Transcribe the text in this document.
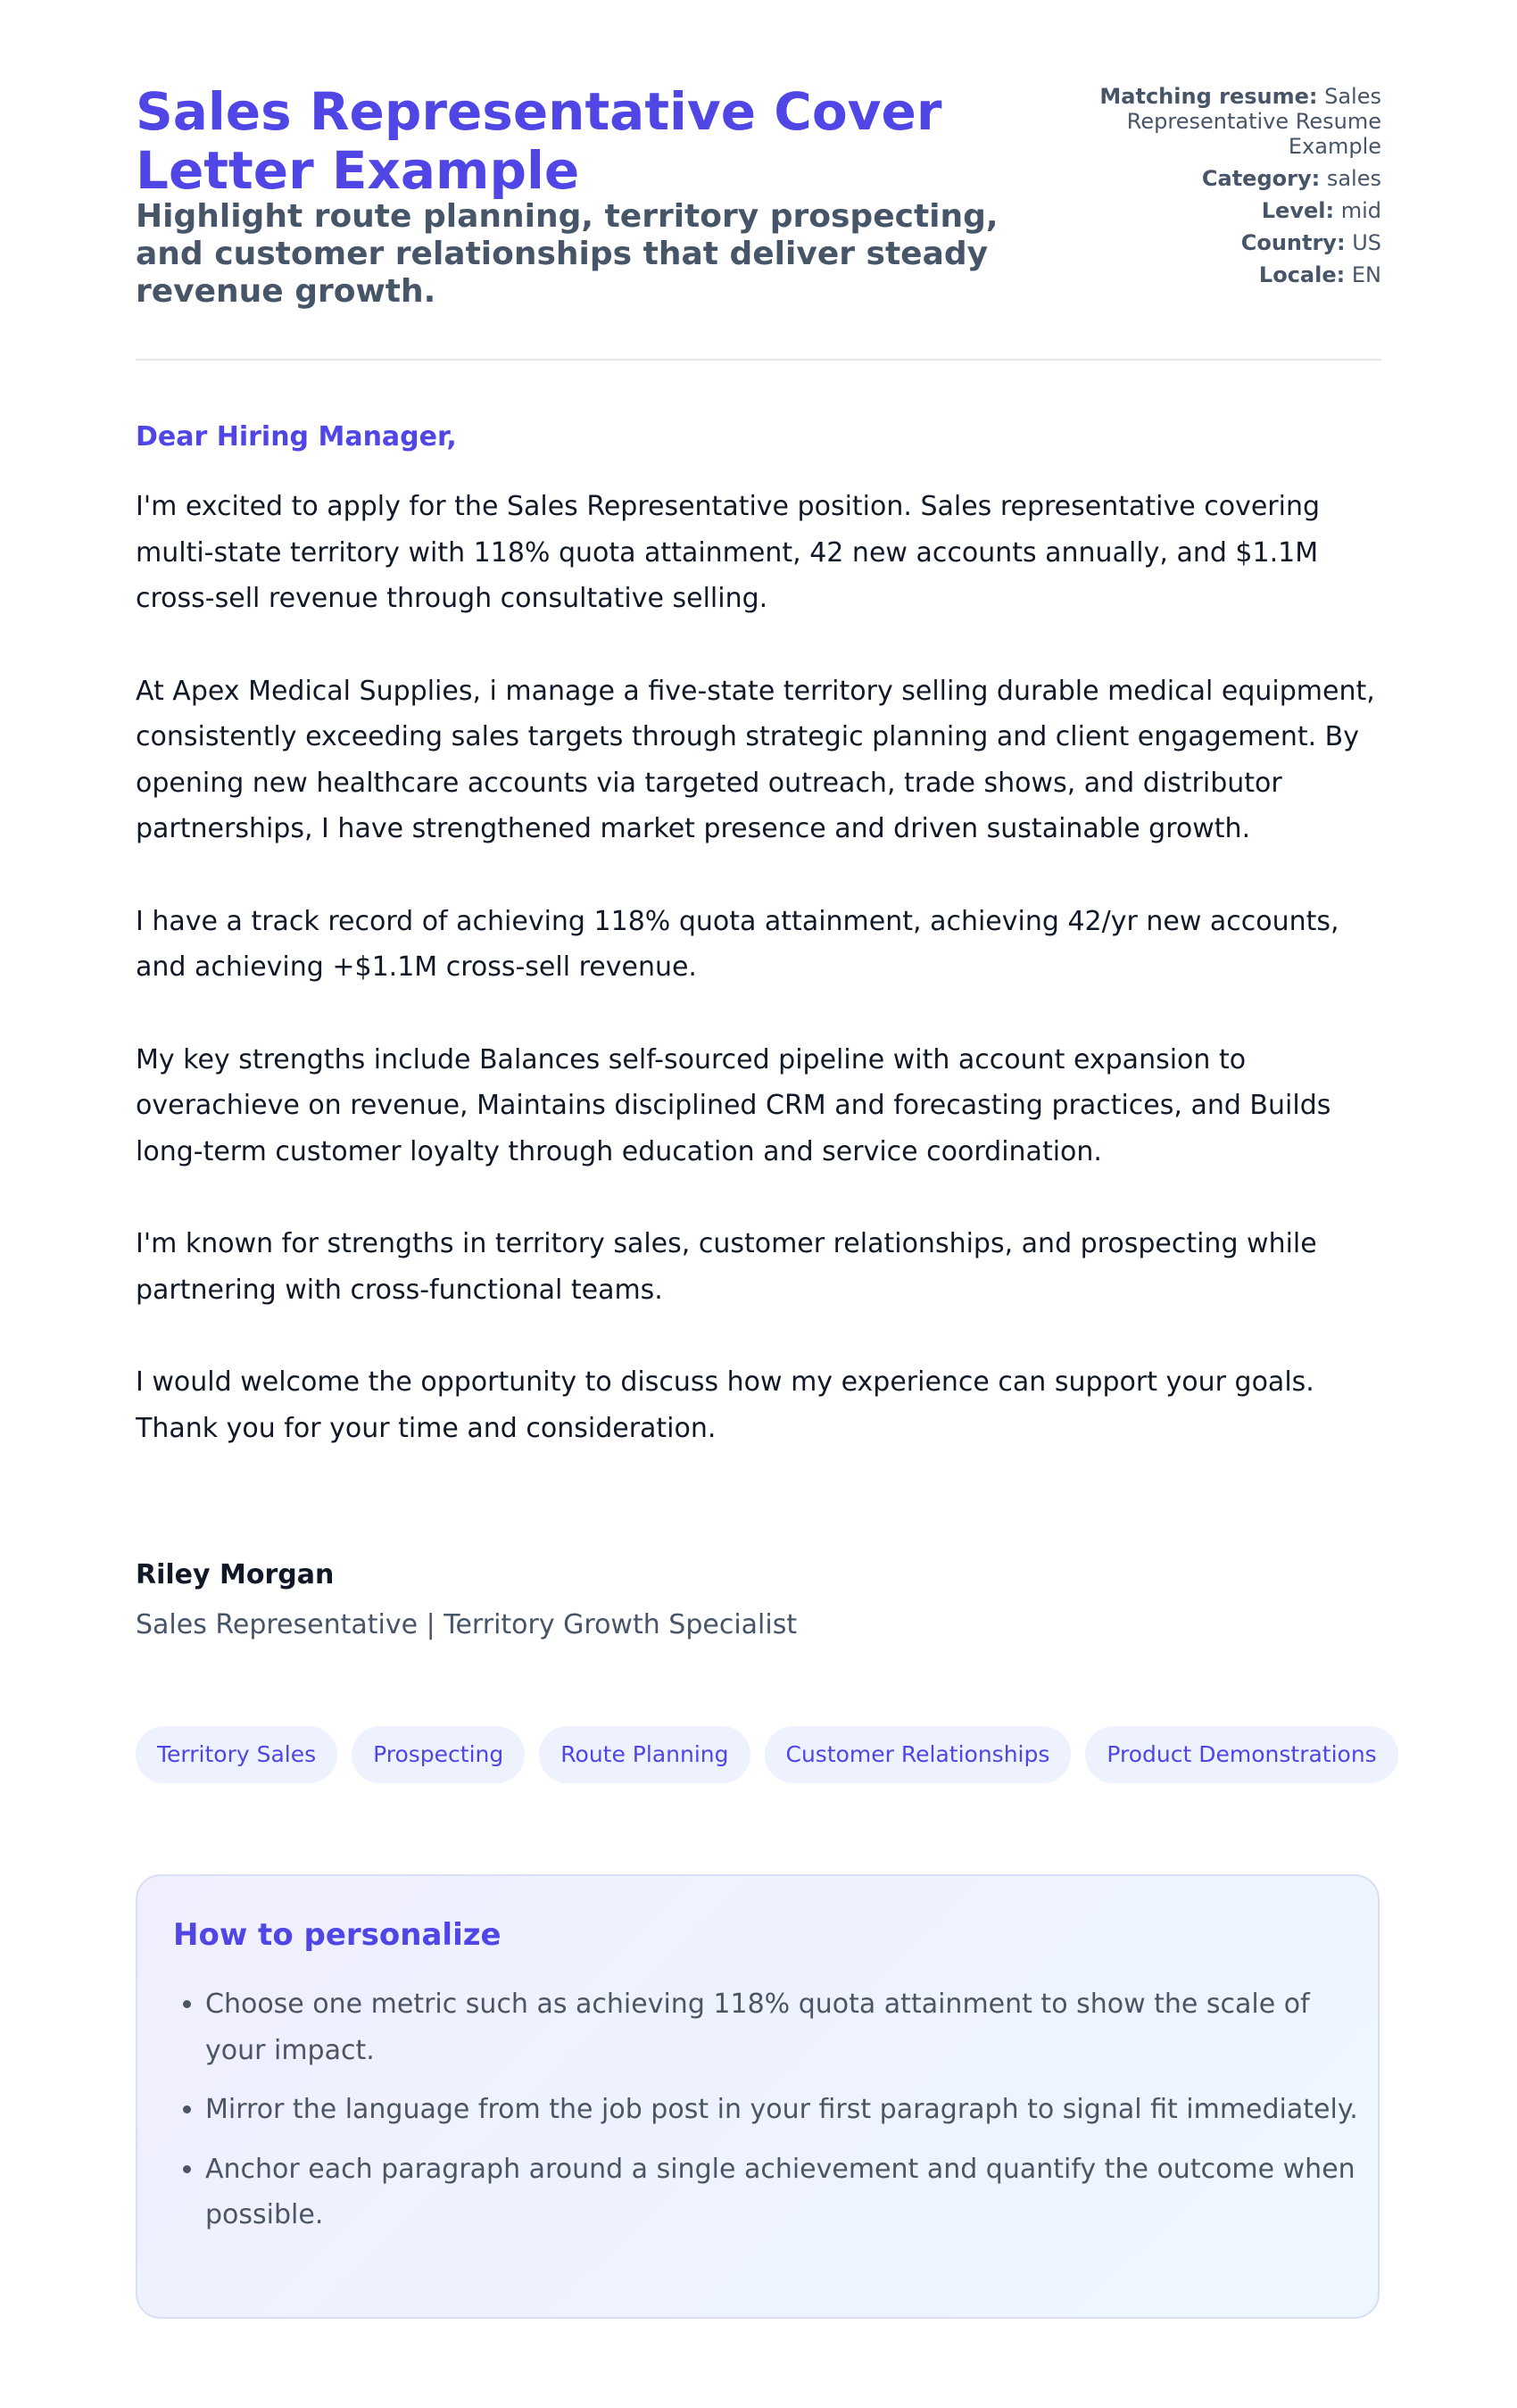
Sales Representative Cover Letter Example

Highlight route planning, territory prospecting, and customer relationships that deliver steady revenue growth.

Matching resume: Sales Representative Resume Example
Category: sales
Level: mid
Country: US
Locale: EN

Dear Hiring Manager,

I'm excited to apply for the Sales Representative position. Sales representative covering multi-state territory with 118% quota attainment, 42 new accounts annually, and $1.1M cross-sell revenue through consultative selling.

At Apex Medical Supplies, i manage a five-state territory selling durable medical equipment, consistently exceeding sales targets through strategic planning and client engagement. By opening new healthcare accounts via targeted outreach, trade shows, and distributor partnerships, I have strengthened market presence and driven sustainable growth.

I have a track record of achieving 118% quota attainment, achieving 42/yr new accounts, and achieving +$1.1M cross-sell revenue.

My key strengths include Balances self-sourced pipeline with account expansion to overachieve on revenue, Maintains disciplined CRM and forecasting practices, and Builds long-term customer loyalty through education and service coordination.

I'm known for strengths in territory sales, customer relationships, and prospecting while partnering with cross-functional teams.

I would welcome the opportunity to discuss how my experience can support your goals. Thank you for your time and consideration.

Riley Morgan

Sales Representative | Territory Growth Specialist

Territory Sales	Prospecting	Route Planning	Customer Relationships	Product Demonstrations
How to personalize
• Choose one metric such as achieving 118% quota attainment to show the scale of your impact.
• Mirror the language from the job post in your first paragraph to signal fit immediately.
• Anchor each paragraph around a single achievement and quantify the outcome when possible.
